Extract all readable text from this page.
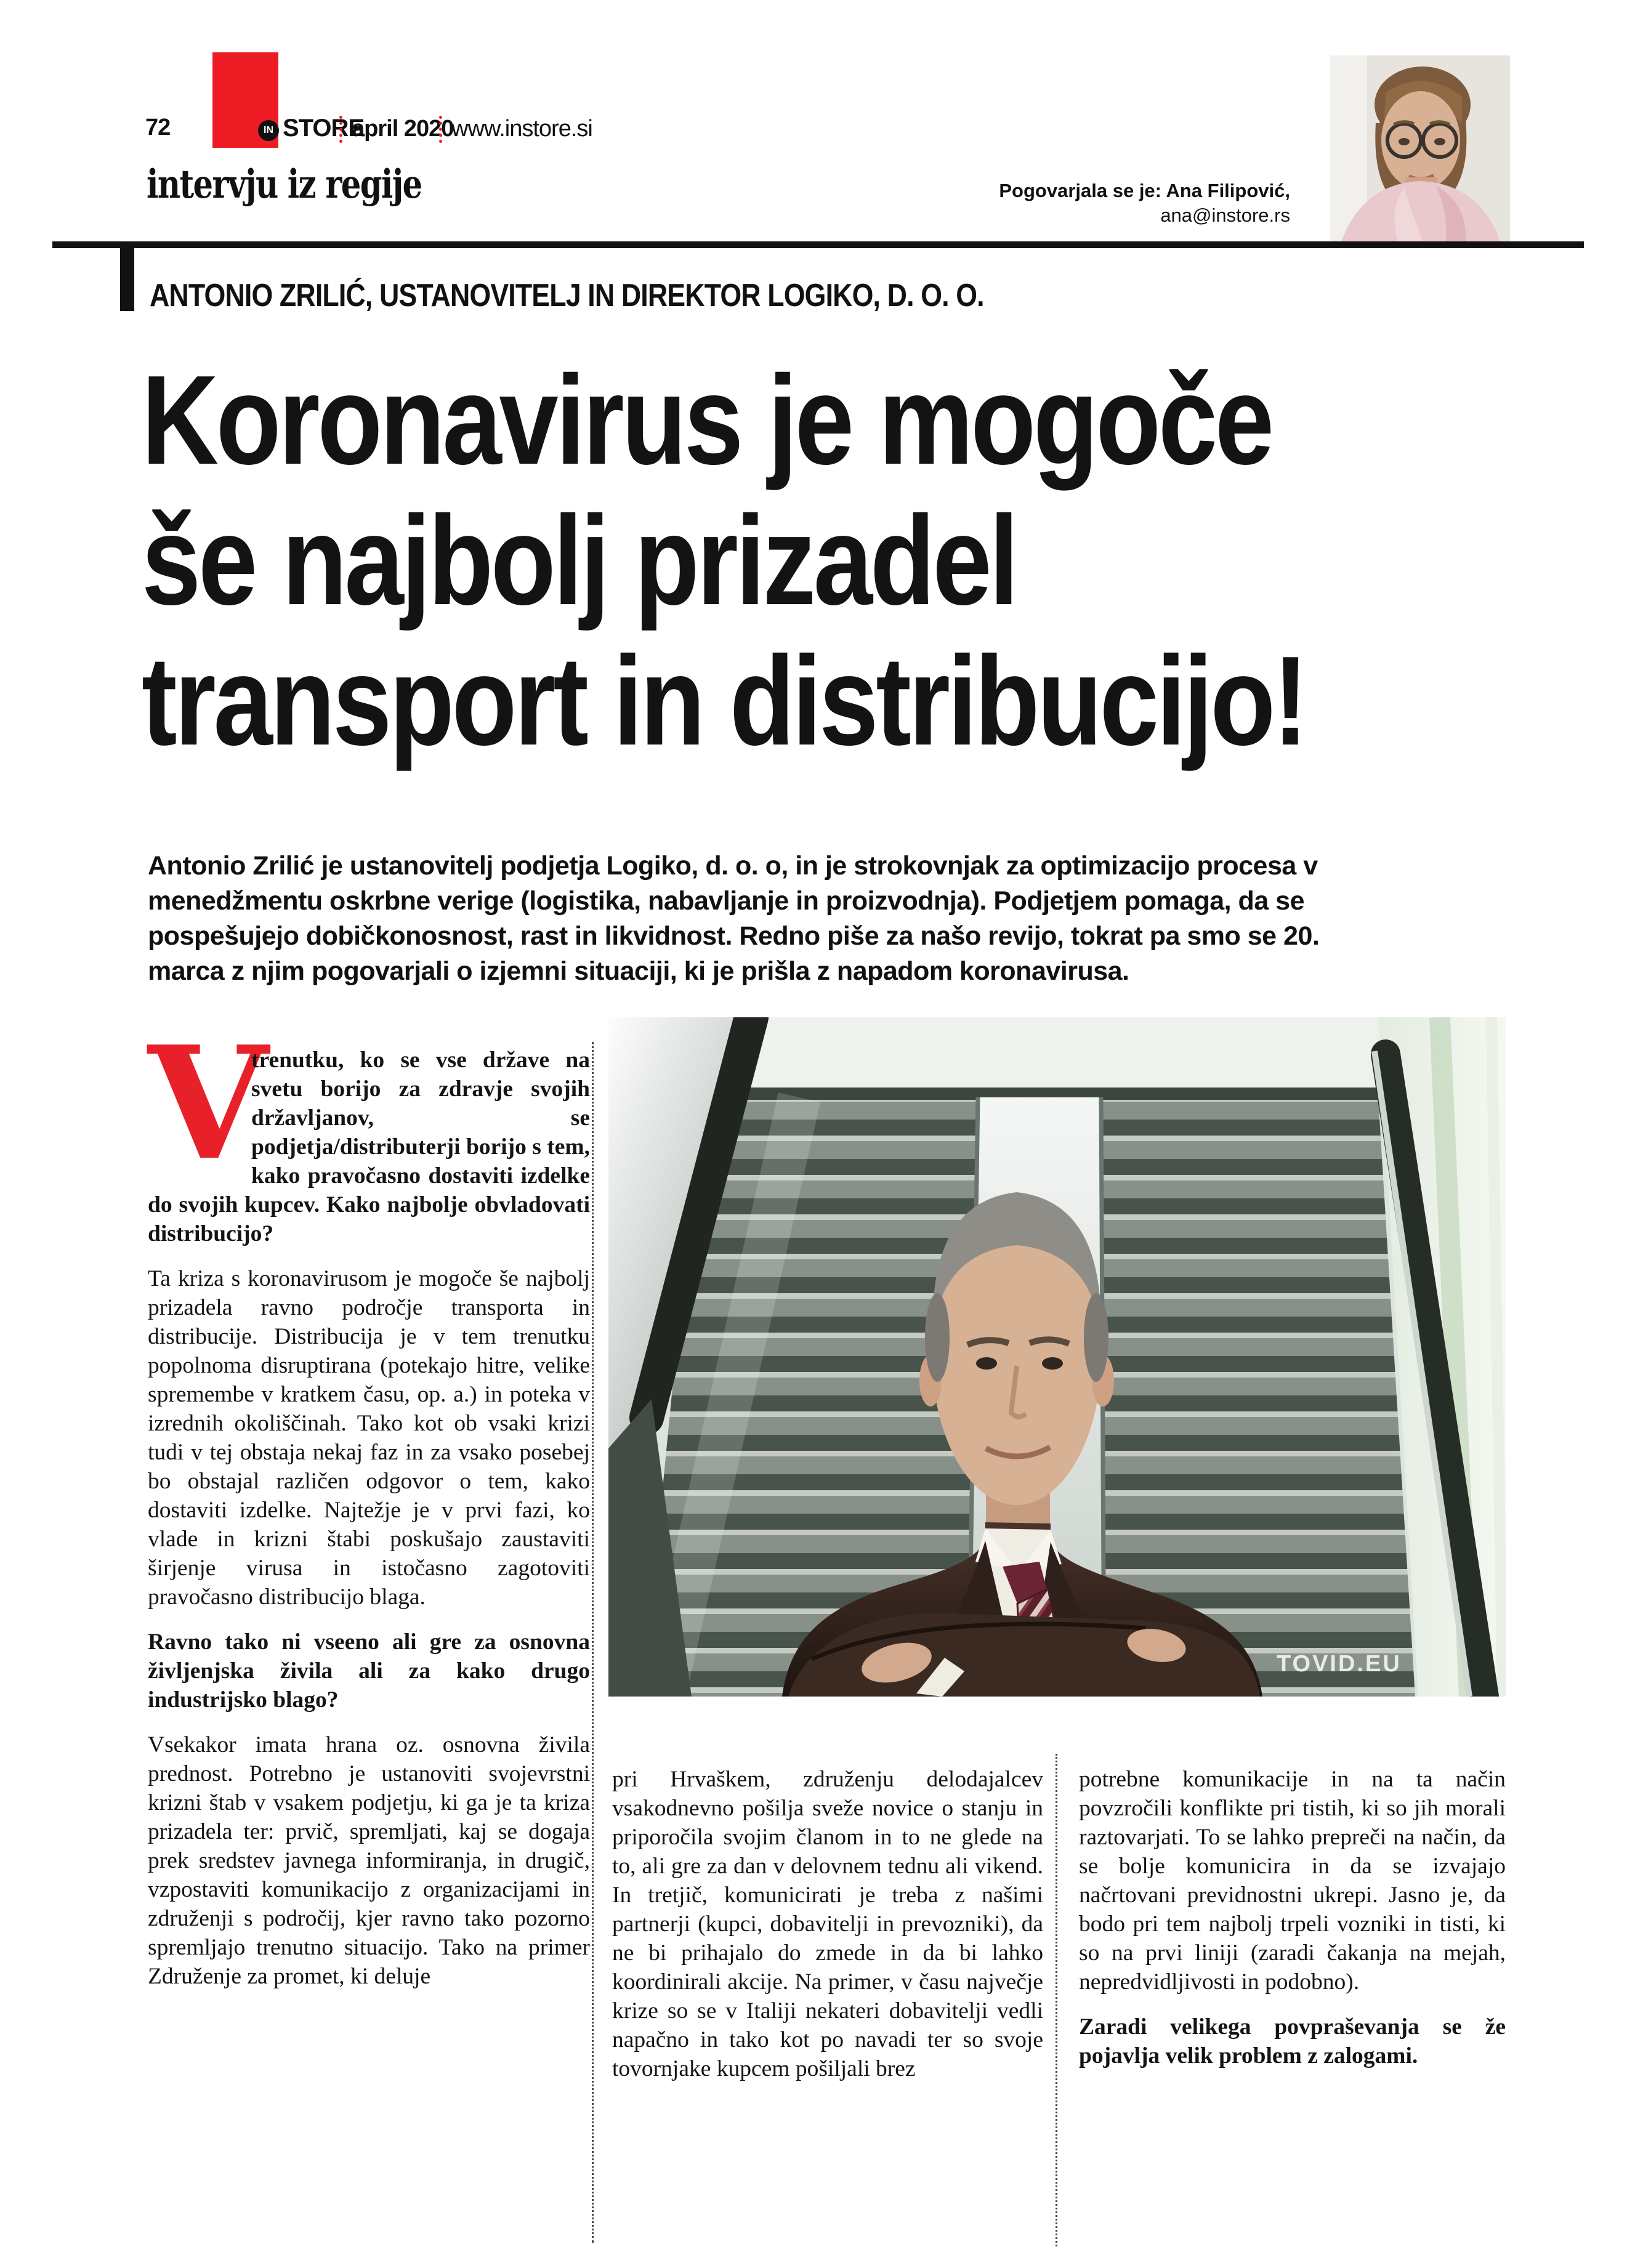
72	IN STORE
april 2020
www.instore.si
intervju iz regije	Pogovarjala se je: Ana Filipović,
ana@instore.rs
ANTONIO ZRILIĆ, USTANOVITELJ IN DIREKTOR LOGIKO, D. O. O.
Koronavirus je mogoče
še najbolj prizadel
transport in distribucijo!
Antonio Zrilić je ustanovitelj podjetja Logiko, d. o. o, in je strokovnjak za optimizacijo procesa v
menedžmentu oskrbne verige (logistika, nabavljanje in proizvodnja). Podjetjem pomaga, da se
pospešujejo dobičkonosnost, rast in likvidnost. Redno piše za našo revijo, tokrat pa smo se 20.
marca z njim pogovarjali o izjemni situaciji, ki je prišla z napadom koronavirusa.

V
trenutku, ko se vse države na svetu borijo za zdravje svojih državljanov, se podjetja/distributerji borijo s tem, kako pravočasno dostaviti izdelke do svojih kupcev. Kako najbolje obvladovati distribucijo?

Ta kriza s koronavirusom je mogoče še najbolj prizadela ravno področje transporta in distribucije. Distribucija je v tem trenutku popolnoma disruptirana (potekajo hitre, velike spremembe v kratkem času, op. a.) in poteka v izrednih okoliščinah. Tako kot ob vsaki krizi tudi v tej obstaja nekaj faz in za vsako posebej bo obstajal različen odgovor o tem, kako dostaviti izdelke. Najtežje je v prvi fazi, ko vlade in krizni štabi poskušajo zaustaviti širjenje virusa in istočasno zagotoviti pravočasno distribucijo blaga.

Ravno tako ni vseeno ali gre za osnovna življenjska živila ali za kako drugo industrijsko blago?

Vsekakor imata hrana oz. osnovna živila prednost. Potrebno je ustanoviti svojevrstni krizni štab v vsakem podjetju, ki ga je ta kriza prizadela ter: prvič, spremljati, kaj se dogaja prek sredstev javnega informiranja, in drugič, vzpostaviti komunikacijo z organizacijami in združenji s področij, kjer ravno tako pozorno spremljajo trenutno situacijo. Tako na primer Združenje za promet, ki deluje

TOVID.EU

pri Hrvaškem, združenju delodajalcev vsakodnevno pošilja sveže novice o stanju in priporočila svojim članom in to ne glede na to, ali gre za dan v delovnem tednu ali vikend. In tretjič, komunicirati je treba z našimi partnerji (kupci, dobavitelji in prevozniki), da ne bi prihajalo do zmede in da bi lahko koordinirali akcije. Na primer, v času največje krize so se v Italiji nekateri dobavitelji vedli napačno in tako kot po navadi ter so svoje tovornjake kupcem pošiljali brez

potrebne komunikacije in na ta način povzročili konflikte pri tistih, ki so jih morali raztovarjati. To se lahko prepreči na način, da se bolje komunicira in da se izvajajo načrtovani previdnostni ukrepi. Jasno je, da bodo pri tem najbolj trpeli vozniki in tisti, ki so na prvi liniji (zaradi čakanja na mejah, nepredvidljivosti in podobno).

Zaradi velikega povpraševanja se že pojavlja velik problem z zalogami.
